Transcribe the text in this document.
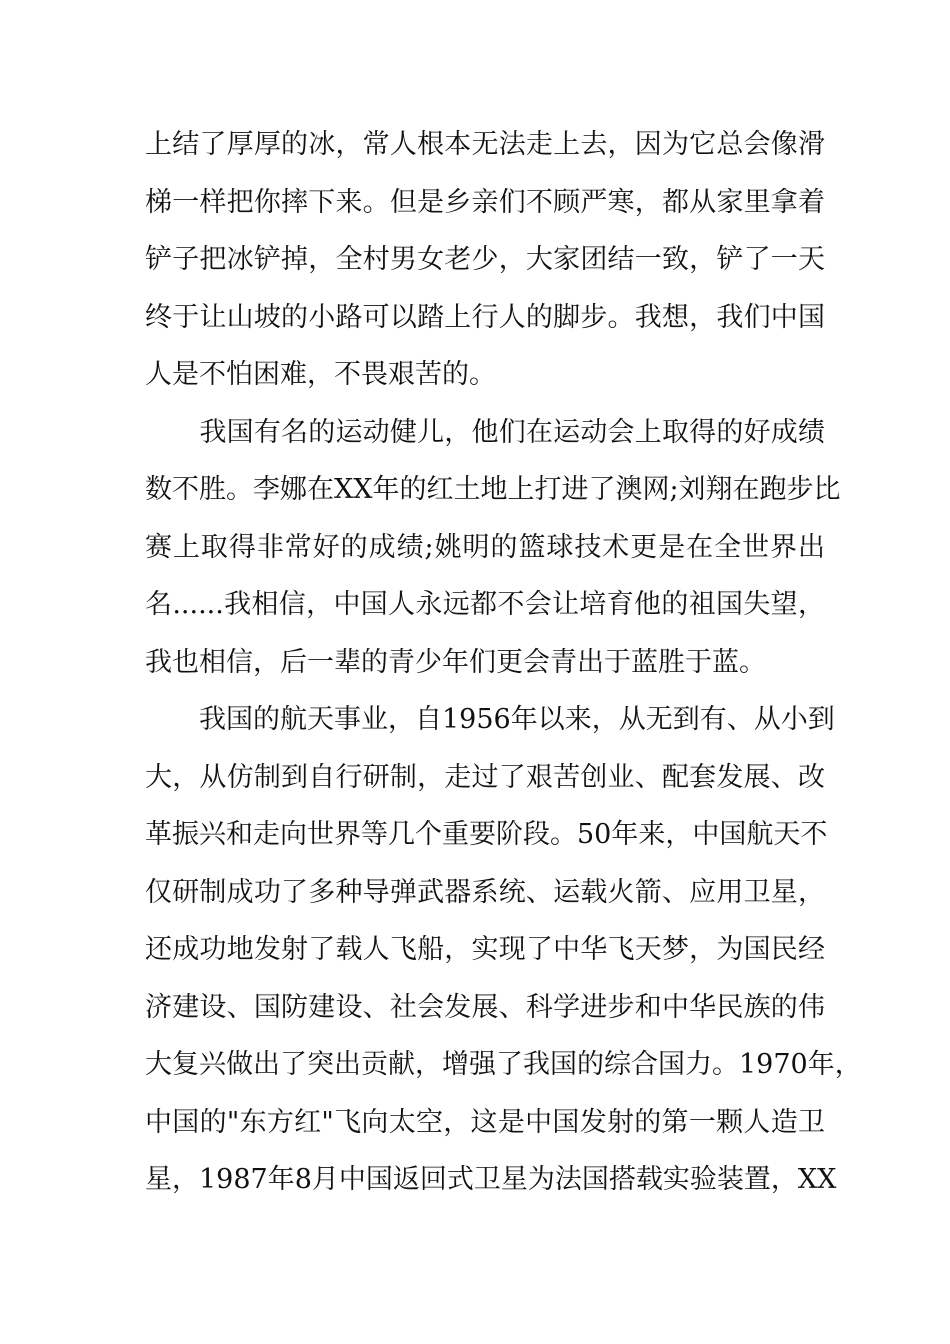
上结了厚厚的冰，常人根本无法走上去，因为它总会像滑
梯一样把你摔下来。但是乡亲们不顾严寒，都从家里拿着
铲子把冰铲掉，全村男女老少，大家团结一致，铲了一天
终于让山坡的小路可以踏上行人的脚步。我想，我们中国
人是不怕困难，不畏艰苦的。
　　我国有名的运动健儿，他们在运动会上取得的好成绩
数不胜。李娜在XX年的红土地上打进了澳网;刘翔在跑步比
赛上取得非常好的成绩;姚明的篮球技术更是在全世界出
名......我相信，中国人永远都不会让培育他的祖国失望，
我也相信，后一辈的青少年们更会青出于蓝胜于蓝。
　　我国的航天事业，自1956年以来，从无到有、从小到
大，从仿制到自行研制，走过了艰苦创业、配套发展、改
革振兴和走向世界等几个重要阶段。50年来，中国航天不
仅研制成功了多种导弹武器系统、运载火箭、应用卫星，
还成功地发射了载人飞船，实现了中华飞天梦，为国民经
济建设、国防建设、社会发展、科学进步和中华民族的伟
大复兴做出了突出贡献，增强了我国的综合国力。1970年，
中国的"东方红"飞向太空，这是中国发射的第一颗人造卫
星，1987年8月中国返回式卫星为法国搭载实验装置，XX
